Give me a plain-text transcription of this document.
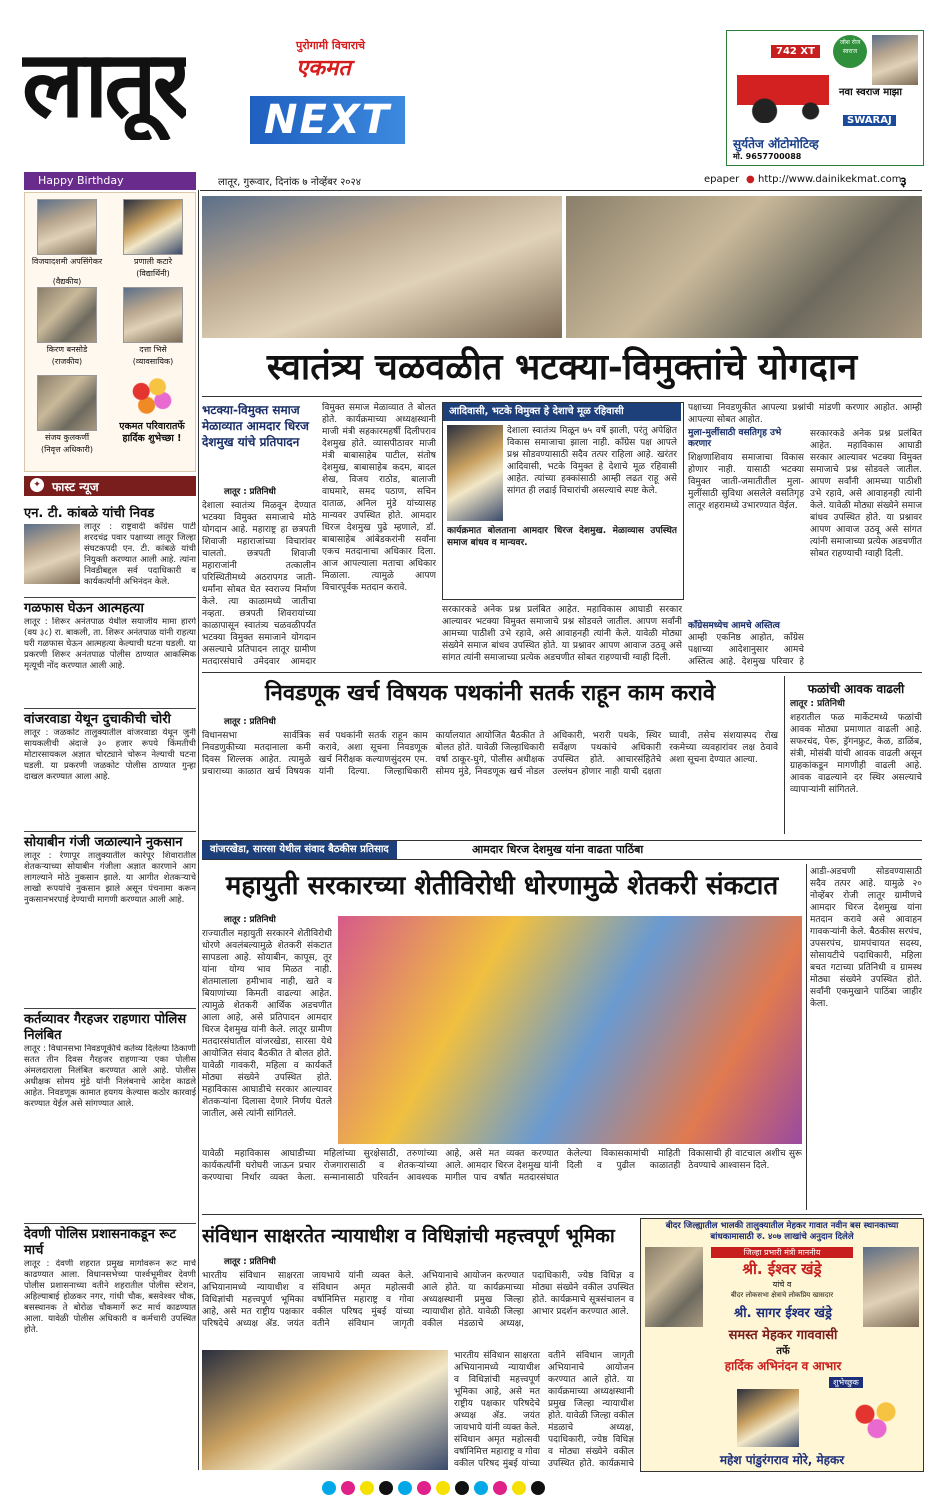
लातूर	पुरोगामी विचाराचे
एकमत
NEXT
742 XT
जोश रोज स्वराज
नवा स्वराज माझा
SWARAJ
सुर्यतेज ऑटोमोटिव्ह
मो. 9657700088
लातूर, गुरूवार, दिनांक ७ नोव्हेंबर २०२४	epaper ● http://www.dainikekmat.com
३
Happy Birthday
विजयादशमी अपसिंगेकर
(वैद्यकीय)
प्रणाली कटारे
(विद्यार्थिनी)
किरण बनसोडे
(राजकीय)
दत्ता भिसे
(व्यावसायिक)
संजय कुलकर्णी
(निवृत्त अधिकारी)
एकमत परिवारातर्फे हार्दिक शुभेच्छा !
✦ फास्ट न्यूज
एन. टी. कांबळे यांची निवड
लातूर : राष्ट्रवादी काँग्रेस पार्टी शरदचंद्र पवार पक्षाच्या लातूर जिल्हा संघटकपदी एन. टी. कांबळे यांची नियुक्ती करण्यात आली आहे. त्यांना निवडीबद्दल सर्व पदाधिकारी व कार्यकर्त्यांनी अभिनंदन केले.
गळफास घेऊन आत्महत्या
लातूर : शिरूर अनंतपाळ येथील सयाजीय मामा हारगे (वय ३८) रा. बाकली, ता. शिरूर अनंतपाळ यांनी राहत्या घरी गळफास घेऊन आत्महत्या केल्याची घटना घडली. या प्रकरणी शिरूर अनंतपाळ पोलीस ठाण्यात आकस्मिक मृत्यूची नोंद करण्यात आली आहे.
वांजरवाडा येथून दुचाकीची चोरी
लातूर : जळकोट तालुक्यातील वांजरवाडा येथून जुनी सायकलीची अंदाजे ३० हजार रूपये किंमतीची मोटारसायकल अज्ञात चोरट्याने चोरून नेल्याची घटना घडली. या प्रकरणी जळकोट पोलीस ठाण्यात गुन्हा दाखल करण्यात आला आहे.
सोयाबीन गंजी जळाल्याने नुकसान
लातूर : रेणापूर तालुक्यातील कारेपूर शिवारातील शेतकऱ्याच्या सोयाबीन गंजीला अज्ञात कारणाने आग लागल्याने मोठे नुकसान झाले. या आगीत शेतकऱ्याचे लाखो रूपयांचे नुकसान झाले असून पंचनामा करून नुकसानभरपाई देण्याची मागणी करण्यात आली आहे.
कर्तव्यावर गैरहजर राहणारा पोलिस निलंबित
लातूर : विधानसभा निवडणूकीचे कर्तव्य दिलेल्या ठिकाणी सतत तीन दिवस गैरहजर राहणाऱ्या एका पोलीस अंमलदाराला निलंबित करण्यात आले आहे. पोलीस अधीक्षक सोमय मुंडे यांनी निलंबनाचे आदेश काढले आहेत. निवडणूक कामात हयगय केल्यास कठोर कारवाई करण्यात येईल असे सांगण्यात आले.
देवणी पोलिस प्रशासनाकडून रूट मार्च
लातूर : देवणी शहरात प्रमुख मार्गावरून रूट मार्च काढण्यात आला. विधानसभेच्या पार्श्वभूमीवर देवणी पोलीस प्रशासनाच्या वतीने शहरातील पोलीस स्टेशन, अहिल्याबाई होळकर नगर, गांधी चौक, बसवेश्वर चौक, बसस्थानक ते बोरोळ चौकमार्गे रूट मार्च काढण्यात आला. यावेळी पोलीस अधिकारी व कर्मचारी उपस्थित होते.
स्वातंत्र्य चळवळीत भटक्या-विमुक्तांचे योगदान
भटक्या-विमुक्त समाज मेळाव्यात आमदार धिरज देशमुख यांचे प्रतिपादन
लातूर : प्रतिनिधी
देशाला स्वातंत्र्य मिळवून देण्यात भटक्या विमुक्त समाजाचे मोठे योगदान आहे. महाराष्ट्र हा छत्रपती शिवाजी महाराजांच्या विचारांवर चालतो. छत्रपती शिवाजी महाराजांनी तत्कालीन परिस्थितीमध्ये अठरापगड जाती-धर्मांना सोबत घेत स्वराज्य निर्माण केले. त्या काळामध्ये जातीचा नव्हता. छत्रपती शिवरायांच्या काळापासून स्वातंत्र्य चळवळीपर्यंत भटक्या विमुक्त समाजाने योगदान असल्याचे प्रतिपादन लातूर ग्रामीण मतदारसंघाचे उमेदवार आमदार
विमुक्त समाज मेळाव्यात ते बोलत होते. कार्यक्रमाच्या अध्यक्षस्थानी माजी मंत्री सहकारमहर्षी दिलीपराव देशमुख होते. व्यासपीठावर माजी मंत्री बाबासाहेब पाटील, संतोष देशमुख, बाबासाहेब कदम, बादल शेख, विजय राठोड, बालाजी वाघमारे, समद पठाण, सचिन दाताळ, अनिल मुंडे यांच्यासह मान्यवर उपस्थित होते. आमदार धिरज देशमुख पुढे म्हणाले, डॉ. बाबासाहेब आंबेडकरांनी सर्वांना एकच मतदानाचा अधिकार दिला. आज आपल्याला मताचा अधिकार मिळाला. त्यामुळे आपण विचारपूर्वक मतदान करावे.
आदिवासी, भटके विमुक्त हे देशाचे मूळ रहिवासी
देशाला स्वातंत्र्य मिळून ७५ वर्षे झाली, परंतु अपेक्षित विकास समाजाचा झाला नाही. काँग्रेस पक्ष आपले प्रश्न सोडवण्यासाठी सदैव तत्पर राहिला आहे. खरंतर आदिवासी, भटके विमुक्त हे देशाचे मूळ रहिवासी आहेत. त्यांच्या हक्कांसाठी आम्ही लढत राहू असे सांगत ही लढाई विचारांची असल्याचे स्पष्ट केले.
कार्यक्रमात बोलताना आमदार धिरज देशमुख. मेळाव्यास उपस्थित समाज बांधव व मान्यवर.
सरकारकडे अनेक प्रश्न प्रलंबित आहेत. महाविकास आघाडी सरकार आल्यावर भटक्या विमुक्त समाजाचे प्रश्न सोडवले जातील. आपण सर्वांनी आमच्या पाठीशी उभे रहावे, असे आवाहनही त्यांनी केले. यावेळी मोठ्या संख्येने समाज बांधव उपस्थित होते. या प्रश्नावर आपण आवाज उठवू असे सांगत त्यांनी समाजाच्या प्रत्येक अडचणीत सोबत राहण्याची ग्वाही दिली.
पक्षाच्या निवडणुकीत आपल्या प्रश्नांची मांडणी करणार आहोत. आम्ही आपल्या सोबत आहोत.
मुला-मुलींसाठी वसतिगृह उभे करणार
शिक्षणाशिवाय समाजाचा विकास होणार नाही. यासाठी भटक्या विमुक्त जाती-जमातीतील मुला-मुलींसाठी सुविधा असलेले वसतिगृह लातूर शहरामध्ये उभारण्यात येईल.
काँग्रेसमध्येच आमचे अस्तित्व
आम्ही एकनिष्ठ आहोत, काँग्रेस पक्षाच्या आदेशानुसार आमचे अस्तित्व आहे. देशमुख परिवार हे
सरकारकडे अनेक प्रश्न प्रलंबित आहेत. महाविकास आघाडी सरकार आल्यावर भटक्या विमुक्त समाजाचे प्रश्न सोडवले जातील. आपण सर्वांनी आमच्या पाठीशी उभे रहावे, असे आवाहनही त्यांनी केले. यावेळी मोठ्या संख्येने समाज बांधव उपस्थित होते. या प्रश्नावर आपण आवाज उठवू असे सांगत त्यांनी समाजाच्या प्रत्येक अडचणीत सोबत राहण्याची ग्वाही दिली.
निवडणूक खर्च विषयक पथकांनी सतर्क राहून काम करावे
लातूर : प्रतिनिधी
विधानसभा सार्वत्रिक निवडणुकीच्या मतदानाला कमी दिवस शिल्लक आहेत. त्यामुळे प्रचाराच्या काळात खर्च विषयक सर्व पथकांनी सतर्क राहून काम करावे, अशा सूचना निवडणूक खर्च निरीक्षक कल्याणसुंदरम एम. यांनी दिल्या. जिल्हाधिकारी कार्यालयात आयोजित बैठकीत ते बोलत होते. यावेळी जिल्हाधिकारी वर्षा ठाकूर-घुगे, पोलीस अधीक्षक सोमय मुंडे, निवडणूक खर्च नोडल अधिकारी, भरारी पथके, स्थिर सर्वेक्षण पथकांचे अधिकारी उपस्थित होते. आचारसंहितेचे उल्लंघन होणार नाही याची दक्षता घ्यावी, तसेच संशयास्पद रोख रकमेच्या व्यवहारांवर लक्ष ठेवावे अशा सूचना देण्यात आल्या.
फळांची आवक वाढली
लातूर : प्रतिनिधी
शहरातील फळ मार्केटमध्ये फळांची आवक मोठ्या प्रमाणात वाढली आहे. सफरचंद, पेरू, ड्रॅगनफ्रुट, केळ, डाळिंब, संत्री, मोसंबी यांची आवक वाढली असून ग्राहकांकडून मागणीही वाढली आहे. आवक वाढल्याने दर स्थिर असल्याचे व्यापाऱ्यांनी सांगितले.
वांजरखेडा, सारसा येथील संवाद बैठकीस प्रतिसाद	आमदार धिरज देशमुख यांना वाढता पाठिंबा
महायुती सरकारच्या शेतीविरोधी धोरणामुळे शेतकरी संकटात
लातूर : प्रतिनिधी
राज्यातील महायुती सरकारने शेतीविरोधी धोरणे अवलंबल्यामुळे शेतकरी संकटात सापडला आहे. सोयाबीन, कापूस, तूर यांना योग्य भाव मिळत नाही. शेतमालाला हमीभाव नाही, खते व बियाणांच्या किमती वाढल्या आहेत. त्यामुळे शेतकरी आर्थिक अडचणीत आला आहे, असे प्रतिपादन आमदार धिरज देशमुख यांनी केले. लातूर ग्रामीण मतदारसंघातील वांजरखेडा, सारसा येथे आयोजित संवाद बैठकीत ते बोलत होते. यावेळी गावकरी, महिला व कार्यकर्ते मोठ्या संख्येने उपस्थित होते. महाविकास आघाडीचे सरकार आल्यावर शेतकऱ्यांना दिलासा देणारे निर्णय घेतले जातील, असे त्यांनी सांगितले.
आडी-अडचणी सोडवण्यासाठी सदैव तत्पर आहे. यामुळे २० नोव्हेंबर रोजी लातूर ग्रामीणचे आमदार धिरज देशमुख यांना मतदान करावे असे आवाहन गावकऱ्यांनी केले. बैठकीस सरपंच, उपसरपंच, ग्रामपंचायत सदस्य, सोसायटीचे पदाधिकारी, महिला बचत गटाच्या प्रतिनिधी व ग्रामस्थ मोठ्या संख्येने उपस्थित होते. सर्वांनी एकमुखाने पाठिंबा जाहीर केला.
यावेळी महाविकास आघाडीच्या कार्यकर्त्यांनी घरोघरी जाऊन प्रचार करण्याचा निर्धार व्यक्त केला. महिलांच्या सुरक्षेसाठी, तरुणांच्या रोजगारासाठी व शेतकऱ्यांच्या सन्मानासाठी परिवर्तन आवश्यक आहे, असे मत व्यक्त करण्यात आले. आमदार धिरज देशमुख यांनी मागील पाच वर्षांत मतदारसंघात केलेल्या विकासकामांची माहिती दिली व पुढील काळातही विकासाची ही वाटचाल अशीच सुरू ठेवण्याचे आश्वासन दिले.
संविधान साक्षरतेत न्यायाधीश व विधिज्ञांची महत्त्वपूर्ण भूमिका
लातूर : प्रतिनिधी
भारतीय संविधान साक्षरता अभियानामध्ये न्यायाधीश व विधिज्ञांची महत्त्वपूर्ण भूमिका आहे, असे मत राष्ट्रीय पक्षकार परिषदेचे अध्यक्ष ॲड. जयंत जायभाये यांनी व्यक्त केले. संविधान अमृत महोत्सवी वर्षानिमित्त महाराष्ट्र व गोवा वकील परिषद मुंबई यांच्या वतीने संविधान जागृती अभियानाचे आयोजन करण्यात आले होते. या कार्यक्रमाच्या अध्यक्षस्थानी प्रमुख जिल्हा न्यायाधीश होते. यावेळी जिल्हा वकील मंडळाचे अध्यक्ष, पदाधिकारी, ज्येष्ठ विधिज्ञ व मोठ्या संख्येने वकील उपस्थित होते. कार्यक्रमाचे सूत्रसंचालन व आभार प्रदर्शन करण्यात आले.
भारतीय संविधान साक्षरता अभियानामध्ये न्यायाधीश व विधिज्ञांची महत्त्वपूर्ण भूमिका आहे, असे मत राष्ट्रीय पक्षकार परिषदेचे अध्यक्ष ॲड. जयंत जायभाये यांनी व्यक्त केले. संविधान अमृत महोत्सवी वर्षानिमित्त महाराष्ट्र व गोवा वकील परिषद मुंबई यांच्या वतीने संविधान जागृती अभियानाचे आयोजन करण्यात आले होते. या कार्यक्रमाच्या अध्यक्षस्थानी प्रमुख जिल्हा न्यायाधीश होते. यावेळी जिल्हा वकील मंडळाचे अध्यक्ष, पदाधिकारी, ज्येष्ठ विधिज्ञ व मोठ्या संख्येने वकील उपस्थित होते. कार्यक्रमाचे
बीदर जिल्ह्यातील भालकी तालुक्यातील मेहकर गावात नवीन बस स्थानकाच्या बांधकामासाठी रु. ४०७ लाखांचे अनुदान दिलेले
जिल्हा प्रभारी मंत्री माननीय
श्री. ईश्वर खंड्रे
यांचे व
बीदर लोकसभा क्षेत्राचे लोकप्रिय खासदार
श्री. सागर ईश्वर खंड्रे
समस्त मेहकर गाववासी
तर्फे
हार्दिक अभिनंदन व आभार
शुभेच्छुक
महेश पांडुरंगराव मोरे, मेहकर
